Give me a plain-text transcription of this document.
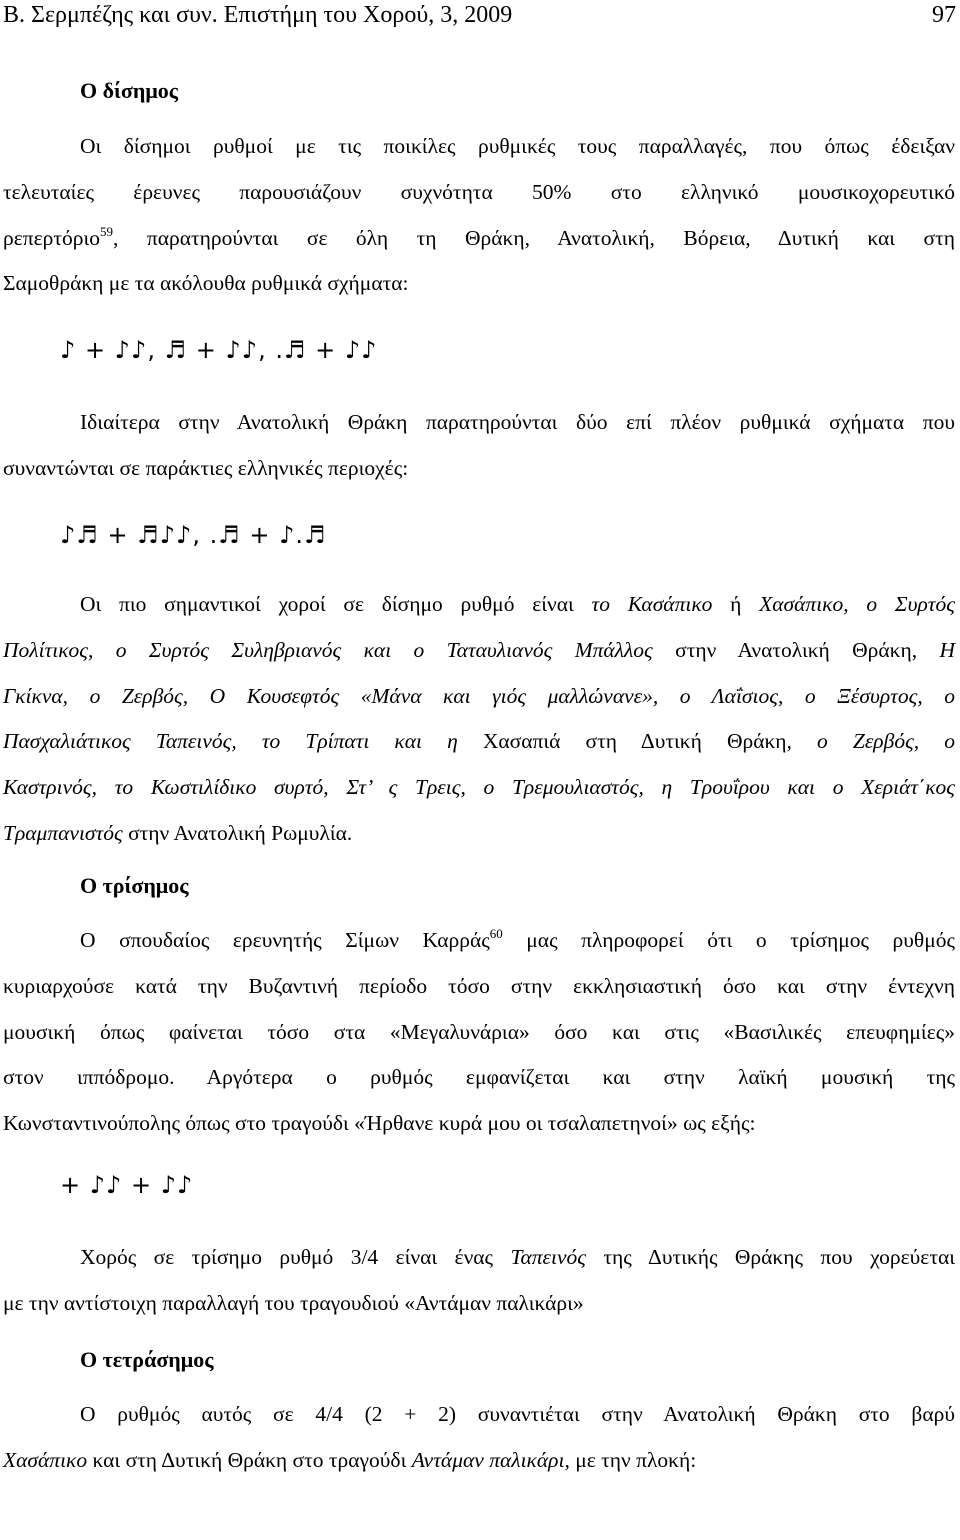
Β. Σερμπέζης και συν. Επιστήμη του Χορού, 3, 2009	97
Ο δίσημος
Οι δίσημοι ρυθμοί με τις ποικίλες ρυθμικές τους παραλλαγές, που όπως έδειξαν
τελευταίες έρευνες παρουσιάζουν συχνότητα 50% στο ελληνικό μουσικοχορευτικό
ρεπερτόριο$^{59}$, παρατηρούνται σε όλη τη Θράκη, Ανατολική, Βόρεια, Δυτική και στη
Σαμοθράκη με τα ακόλουθα ρυθμικά σχήματα:
♪ + ♪♪, ♬ + ♪♪, .♬ + ♪♪
Ιδιαίτερα στην Ανατολική Θράκη παρατηρούνται δύο επί πλέον ρυθμικά σχήματα που
συναντώνται σε παράκτιες ελληνικές περιοχές:
♪♬ + ♬♪♪, .♬ + ♪.♬
Οι πιο σημαντικοί χοροί σε δίσημο ρυθμό είναι το Κασάπικο ή Χασάπικο, ο Συρτός
Πολίτικος, ο Συρτός Συληβριανός και ο Ταταυλιανός Μπάλλος στην Ανατολική Θράκη, Η
Γκίκνα, ο Ζερβός, Ο Κουσεφτός «Μάνα και γιός μαλλώνανε», ο Λαΐσιος, ο Ξέσυρτος, ο
Πασχαλιάτικος Ταπεινός, το Τρίπατι και η Χασαπιά στη Δυτική Θράκη, ο Ζερβός, ο
Καστρινός, το Κωστιλίδικο συρτό, Στ’ ς Τρεις, ο Τρεμουλιαστός, η Τρουΐρου και ο Χεριάτ΄κος
Τραμπανιστός στην Ανατολική Ρωμυλία.
Ο τρίσημος
Ο σπουδαίος ερευνητής Σίμων Καρράς$^{60}$ μας πληροφορεί ότι ο τρίσημος ρυθμός
κυριαρχούσε κατά την Βυζαντινή περίοδο τόσο στην εκκλησιαστική όσο και στην έντεχνη
μουσική όπως φαίνεται τόσο στα «Μεγαλυνάρια» όσο και στις «Βασιλικές επευφημίες»
στον ιππόδρομο. Αργότερα ο ρυθμός εμφανίζεται και στην λαϊκή μουσική της
Κωνσταντινούπολης όπως στο τραγούδι «Ήρθανε κυρά μου οι τσαλαπετηνοί» ως εξής:
+ ♪♪ + ♪♪
Χορός σε τρίσημο ρυθμό 3/4 είναι ένας Ταπεινός της Δυτικής Θράκης που χορεύεται
με την αντίστοιχη παραλλαγή του τραγουδιού «Αντάμαν παλικάρι»
Ο τετράσημος
Ο ρυθμός αυτός σε 4/4 (2 + 2) συναντιέται στην Ανατολική Θράκη στο βαρύ
Χασάπικο και στη Δυτική Θράκη στο τραγούδι Αντάμαν παλικάρι, με την πλοκή:
